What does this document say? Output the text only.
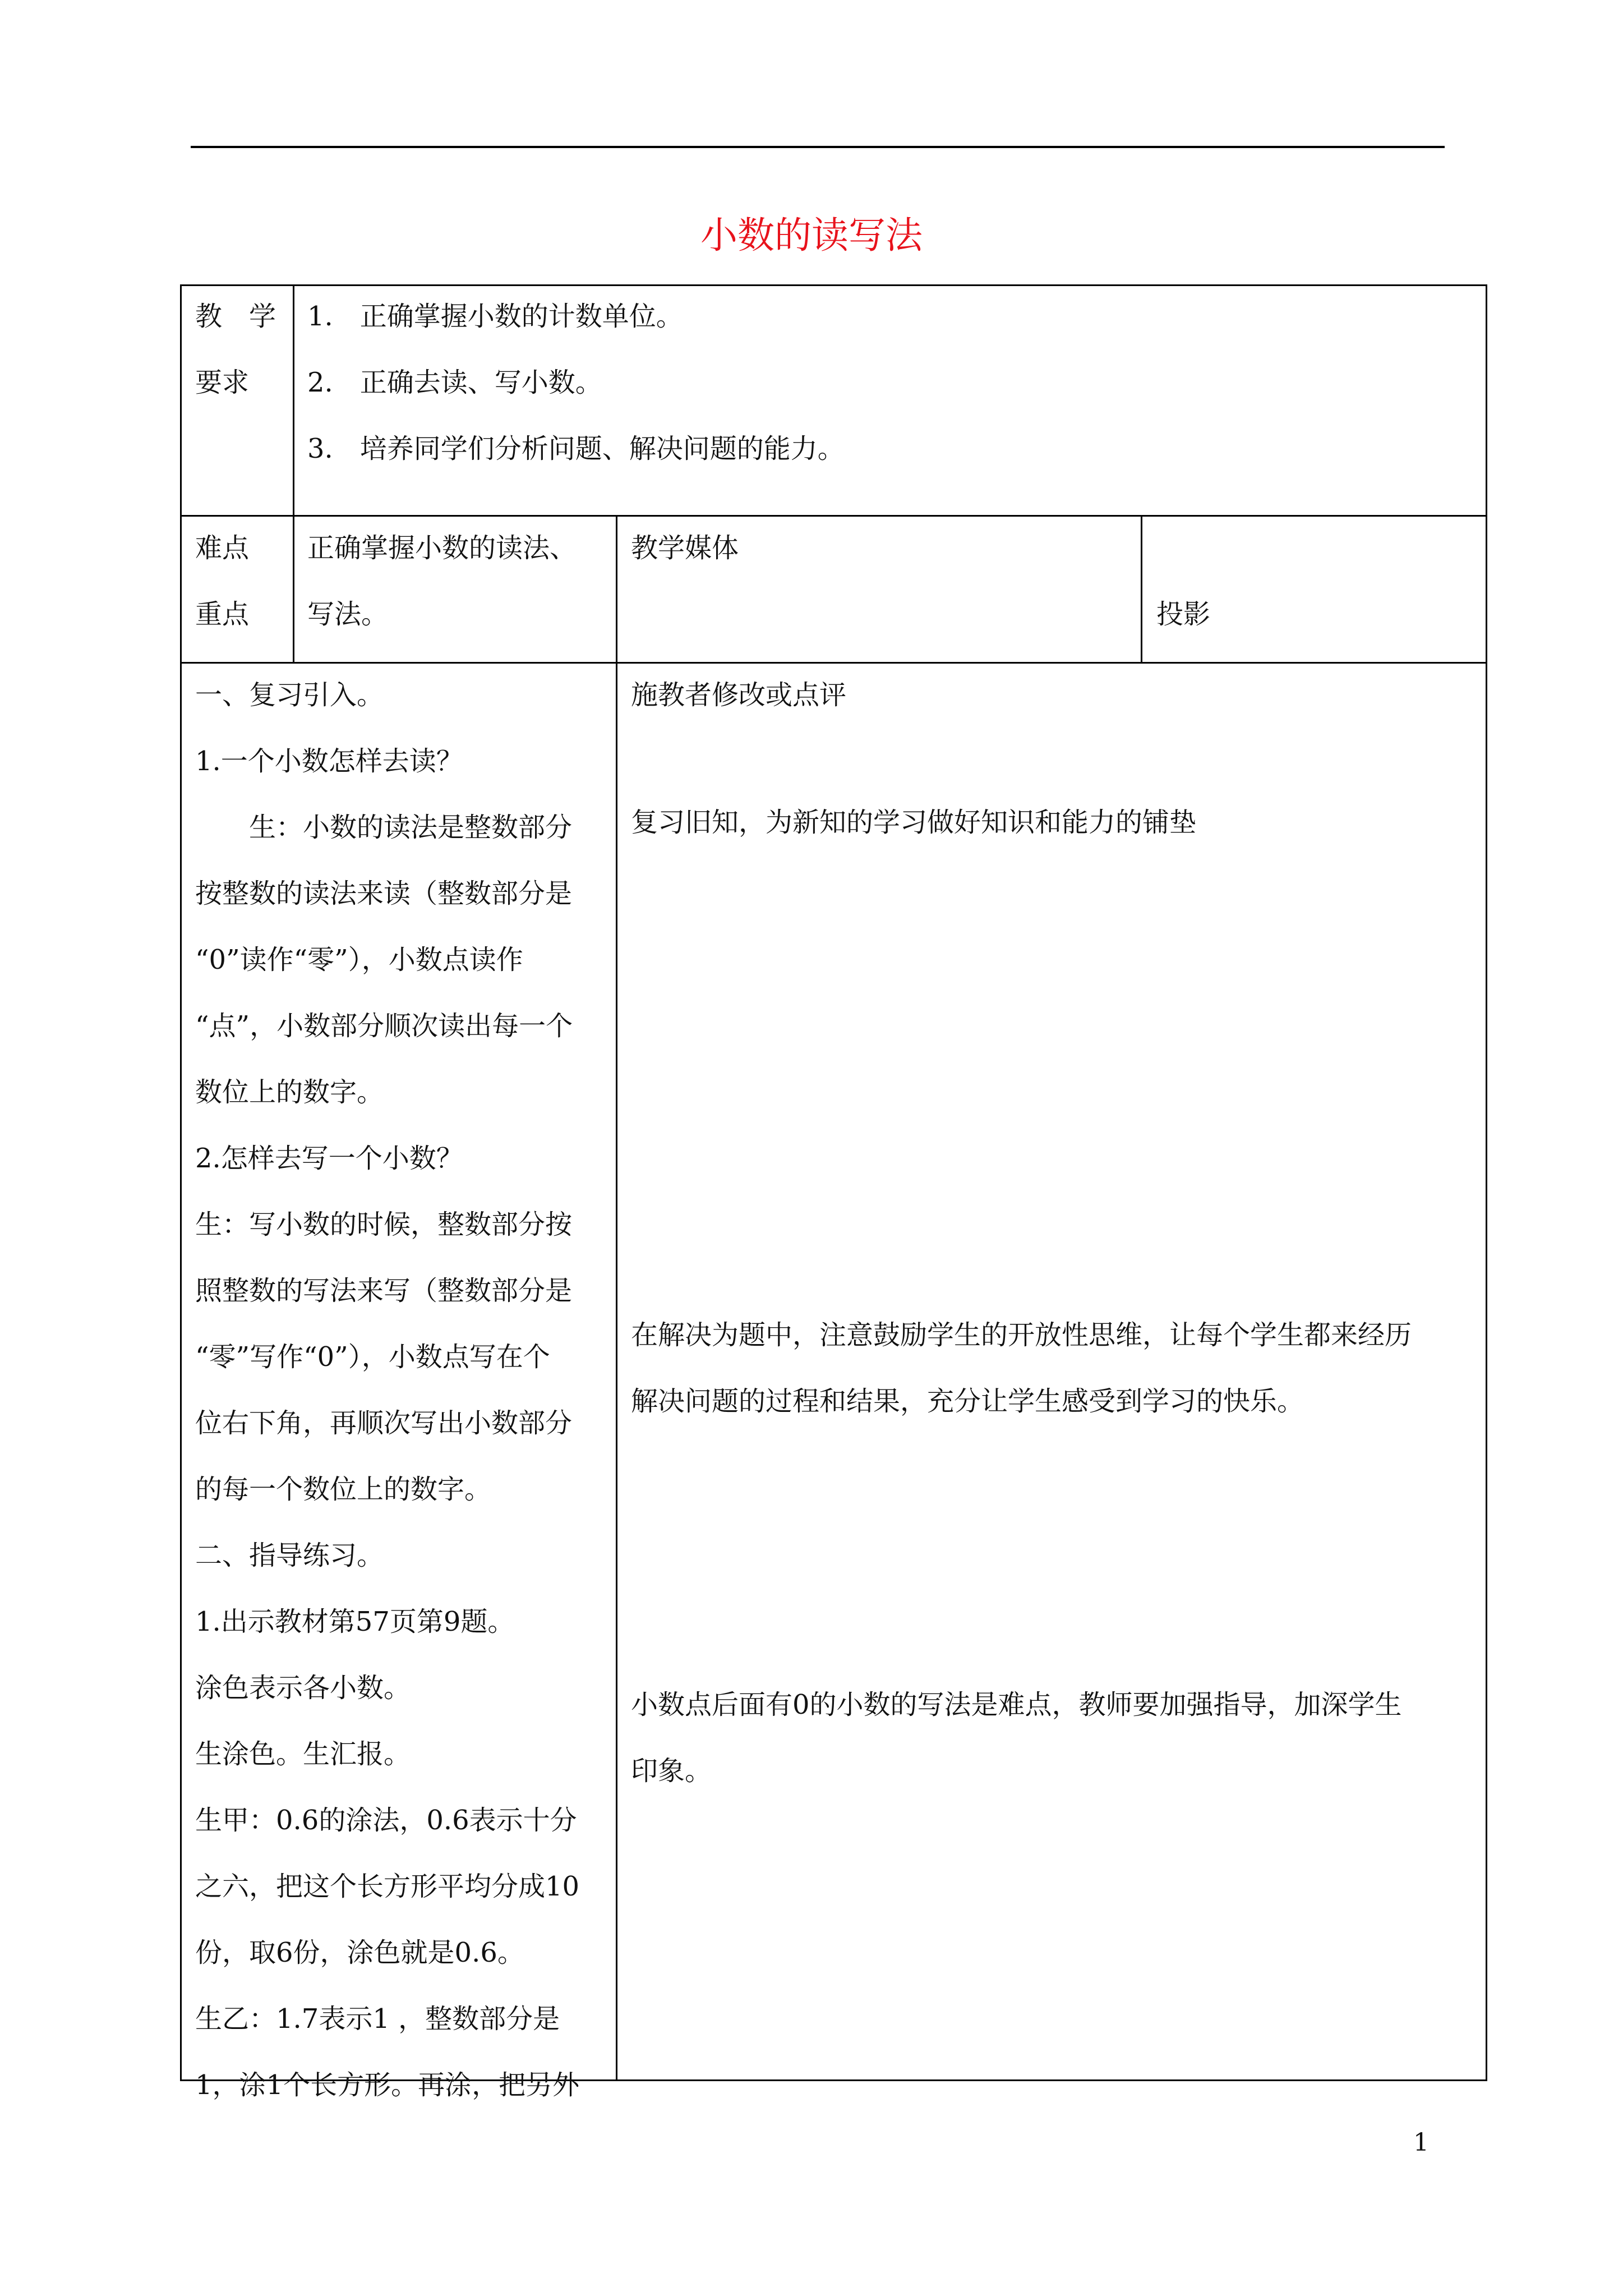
小数的读写法
教　学
要求
1.　正确掌握小数的计数单位。
2.　正确去读、写小数。
3.　培养同学们分析问题、解决问题的能力。
难点
重点
正确掌握小数的读法、
写法。
教学媒体
投影
一、复习引入。
1.一个小数怎样去读？
　　生：小数的读法是整数部分
按整数的读法来读（整数部分是
“0”读作“零”），小数点读作
“点”，小数部分顺次读出每一个
数位上的数字。
2.怎样去写一个小数？
生：写小数的时候，整数部分按
照整数的写法来写（整数部分是
“零”写作“0”），小数点写在个
位右下角，再顺次写出小数部分
的每一个数位上的数字。
二、指导练习。
1.出示教材第57页第9题。
涂色表示各小数。
生涂色。生汇报。
生甲：0.6的涂法，0.6表示十分
之六，把这个长方形平均分成10
份，取6份，涂色就是0.6。
生乙：1.7表示1 ，整数部分是
1，涂1个长方形。再涂，把另外
施教者修改或点评
复习旧知，为新知的学习做好知识和能力的铺垫
在解决为题中，注意鼓励学生的开放性思维，让每个学生都来经历
解决问题的过程和结果，充分让学生感受到学习的快乐。
小数点后面有0的小数的写法是难点，教师要加强指导，加深学生
印象。
1
